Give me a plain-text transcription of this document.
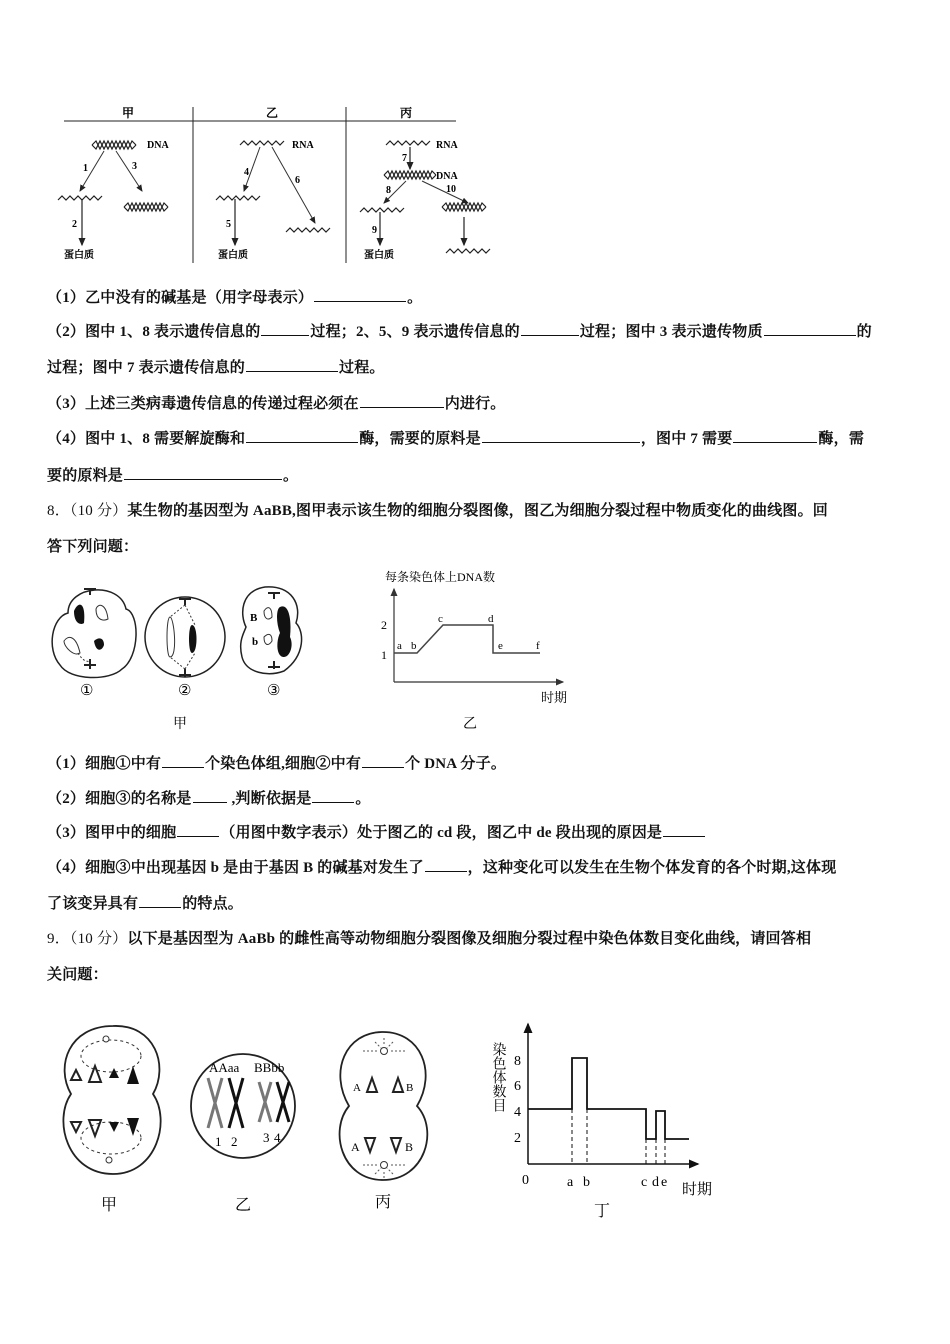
甲	乙	丙
DNA
1	3
2
蛋白质
RNA
4
6
5
蛋白质
RNA
7
DNA
8	10
9
蛋白质
（1）乙中没有的碱基是（用字母表示）	。
（2）图中 1、8 表示遗传信息的	过程；2、5、9 表示遗传信息的	过程；图中 3 表示遗传物质	的
过程；图中 7 表示遗传信息的	过程。
（3）上述三类病毒遗传信息的传递过程必须在	内进行。
（4）图中 1、8 需要解旋酶和	酶，需要的原料是	，图中 7 需要	酶，需
要的原料是	。
8．（10 分）某生物的基因型为 AaBB,图甲表示该生物的细胞分裂图像，图乙为细胞分裂过程中物质变化的曲线图。回
答下列问题：
B
b
①	②	③
甲
每条染色体上DNA数
2
1
a b
c	d
e	f
时期
乙
（1）细胞①中有	个染色体组,细胞②中有	个 DNA 分子。
（2）细胞③的名称是 ,判断依据是	。
（3）图甲中的细胞	（用图中数字表示）处于图乙的 cd 段，图乙中 de 段出现的原因是
（4）细胞③中出现基因 b 是由于基因 B 的碱基对发生了	，这种变化可以发生在生物个体发育的各个时期,这体现
了该变异具有	的特点。
9．（10 分）以下是基因型为 AaBb 的雌性高等动物细胞分裂图像及细胞分裂过程中染色体数目变化曲线，请回答相
关问题：
甲
AAaa BBbb
1 2 3 4
乙
A	B
A	B
丙
染色体数目 8
6
4
2
0	a b	c d e 时期
丁
